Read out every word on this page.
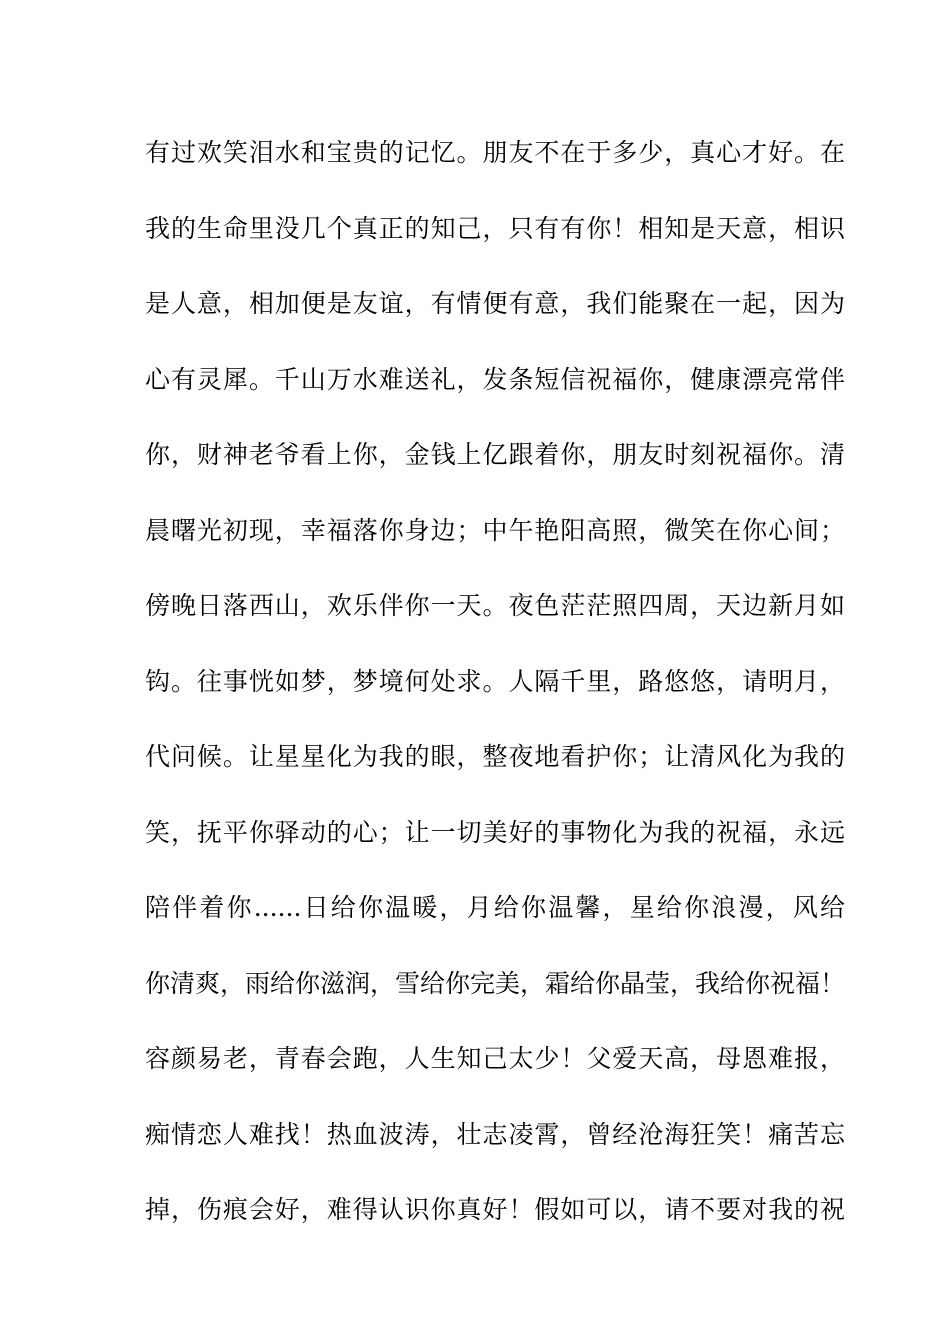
有过欢笑泪水和宝贵的记忆。朋友不在于多少，真心才好。在
我的生命里没几个真正的知己，只有有你！相知是天意，相识
是人意，相加便是友谊，有情便有意，我们能聚在一起，因为
心有灵犀。千山万水难送礼，发条短信祝福你，健康漂亮常伴
你，财神老爷看上你，金钱上亿跟着你，朋友时刻祝福你。清
晨曙光初现，幸福落你身边；中午艳阳高照，微笑在你心间；
傍晚日落西山，欢乐伴你一天。夜色茫茫照四周，天边新月如
钩。往事恍如梦，梦境何处求。人隔千里，路悠悠，请明月，
代问候。让星星化为我的眼，整夜地看护你；让清风化为我的
笑，抚平你驿动的心；让一切美好的事物化为我的祝福，永远
陪伴着你......日给你温暖，月给你温馨，星给你浪漫，风给
你清爽，雨给你滋润，雪给你完美，霜给你晶莹，我给你祝福！
容颜易老，青春会跑，人生知己太少！父爱天高，母恩难报，
痴情恋人难找！热血波涛，壮志凌霄，曾经沧海狂笑！痛苦忘
掉，伤痕会好，难得认识你真好！假如可以，请不要对我的祝
